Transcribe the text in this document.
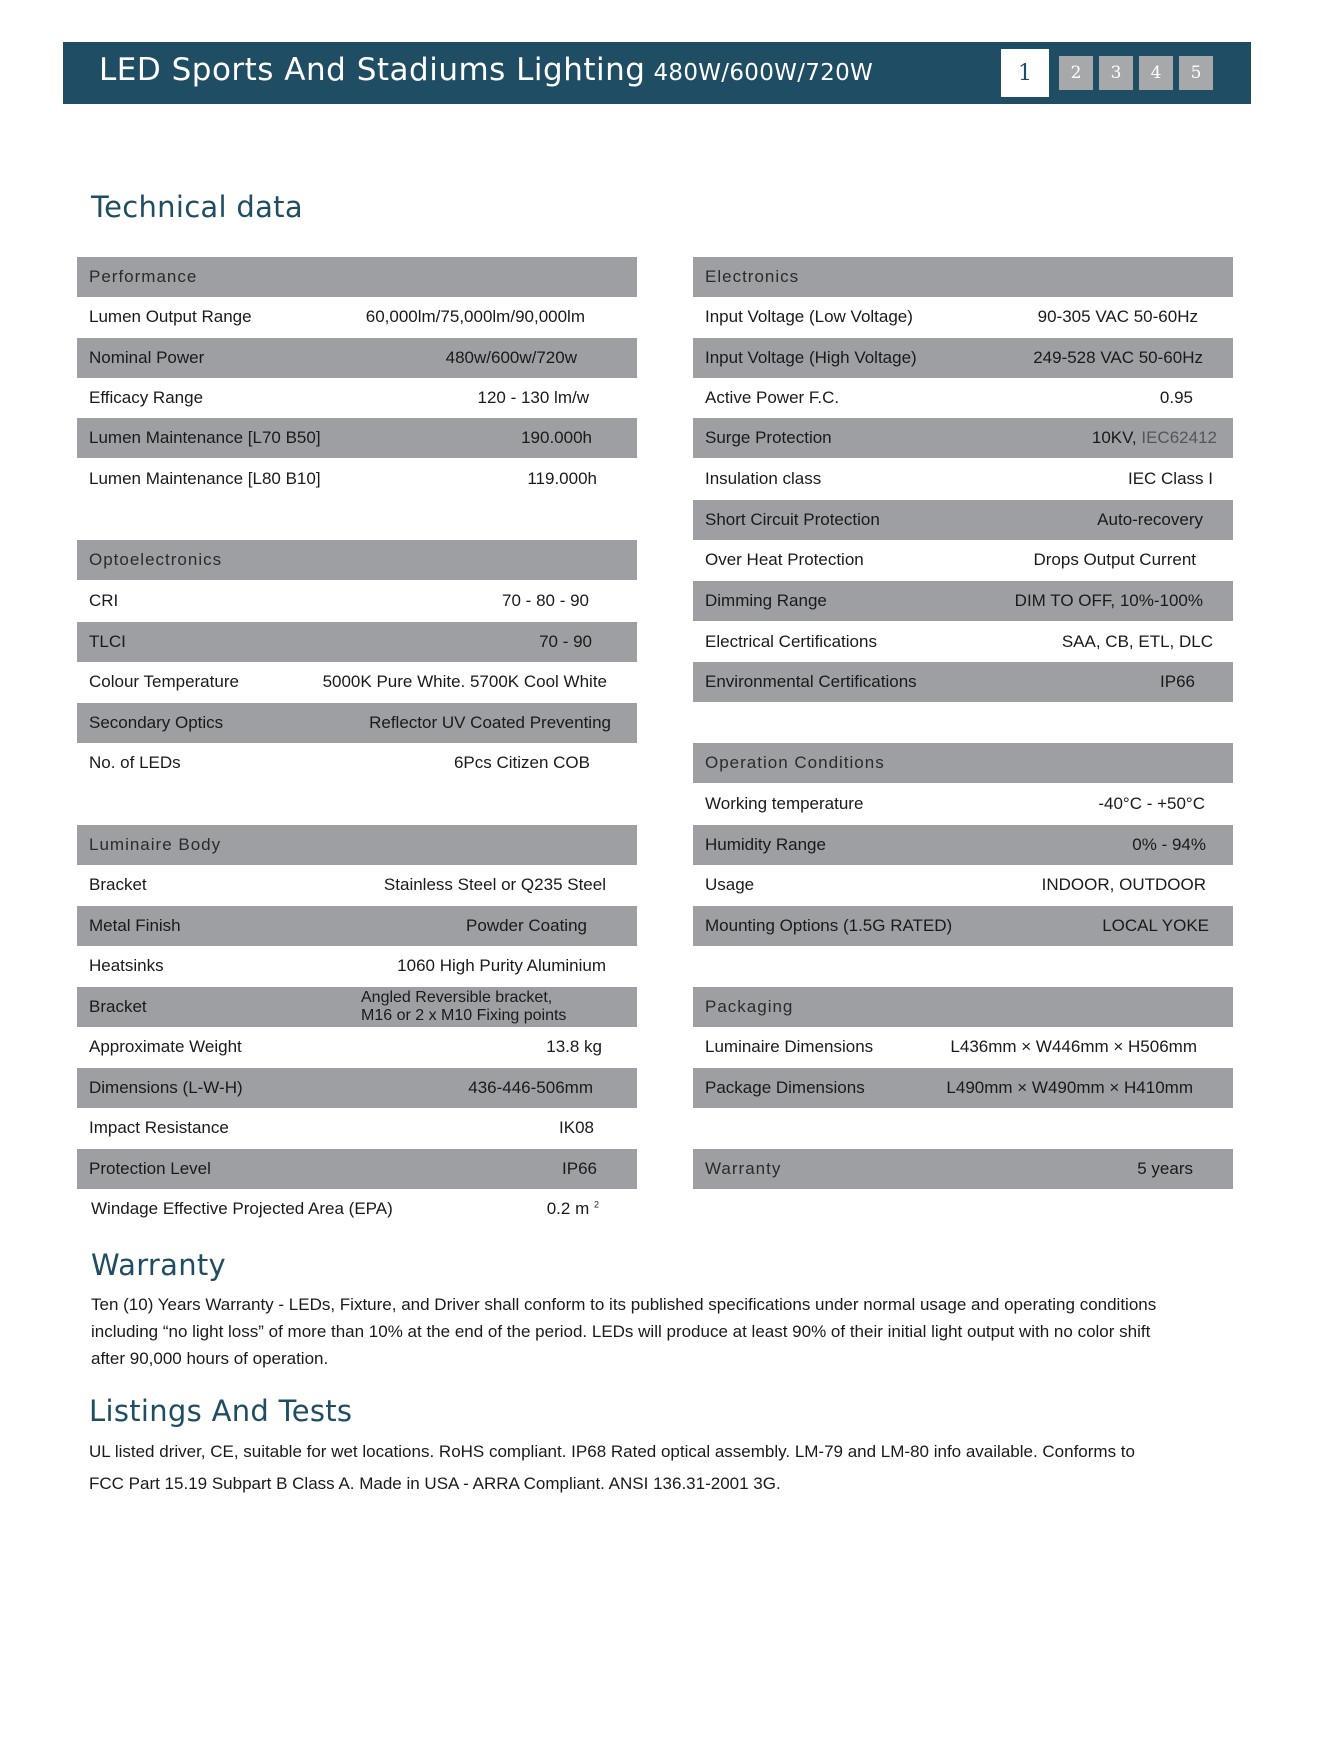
LED Sports And Stadiums Lighting 480W/600W/720W	1	2	3	4	5
Technical data
Performance
Lumen Output Range	60,000lm/75,000lm/90,000lm
Nominal Power	480w/600w/720w
Efficacy Range	120 - 130 lm/w
Lumen Maintenance [L70 B50]	190.000h
Lumen Maintenance [L80 B10]	119.000h
Optoelectronics
CRI	70 - 80 - 90
TLCI	70 - 90
Colour Temperature	5000K Pure White. 5700K Cool White
Secondary Optics	Reflector UV Coated Preventing
No. of LEDs	6Pcs Citizen COB
Luminaire Body
Bracket	Stainless Steel or Q235 Steel
Metal Finish	Powder Coating
Heatsinks	1060 High Purity Aluminium
Bracket	Angled Reversible bracket,
M16 or 2 x M10 Fixing points
Approximate Weight	13.8 kg
Dimensions (L-W-H)	436-446-506mm
Impact Resistance	IK08
Protection Level	IP66
Windage Effective Projected Area (EPA)	0.2 m $^2$
Electronics
Input Voltage (Low Voltage)	90-305 VAC 50-60Hz
Input Voltage (High Voltage)	249-528 VAC 50-60Hz
Active Power F.C.	0.95
Surge Protection	10KV, IEC62412
Insulation class	IEC Class I
Short Circuit Protection	Auto-recovery
Over Heat Protection	Drops Output Current
Dimming Range	DIM TO OFF, 10%-100%
Electrical Certifications	SAA, CB, ETL, DLC
Environmental Certifications	IP66
Operation Conditions
Working temperature	-40°C - +50°C
Humidity Range	0% - 94%
Usage	INDOOR, OUTDOOR
Mounting Options (1.5G RATED)	LOCAL YOKE
Packaging
Luminaire Dimensions	L436mm × W446mm × H506mm
Package Dimensions	L490mm × W490mm × H410mm
Warranty	5 years
Warranty
Ten (10) Years Warranty - LEDs, Fixture, and Driver shall conform to its published specifications under normal usage and operating conditions including “no light loss” of more than 10% at the end of the period. LEDs will produce at least 90% of their initial light output with no color shift after 90,000 hours of operation.
Listings And Tests
UL listed driver, CE, suitable for wet locations. RoHS compliant. IP68 Rated optical assembly. LM-79 and LM-80 info available. Conforms to FCC Part 15.19 Subpart B Class A. Made in USA - ARRA Compliant. ANSI 136.31-2001 3G.
